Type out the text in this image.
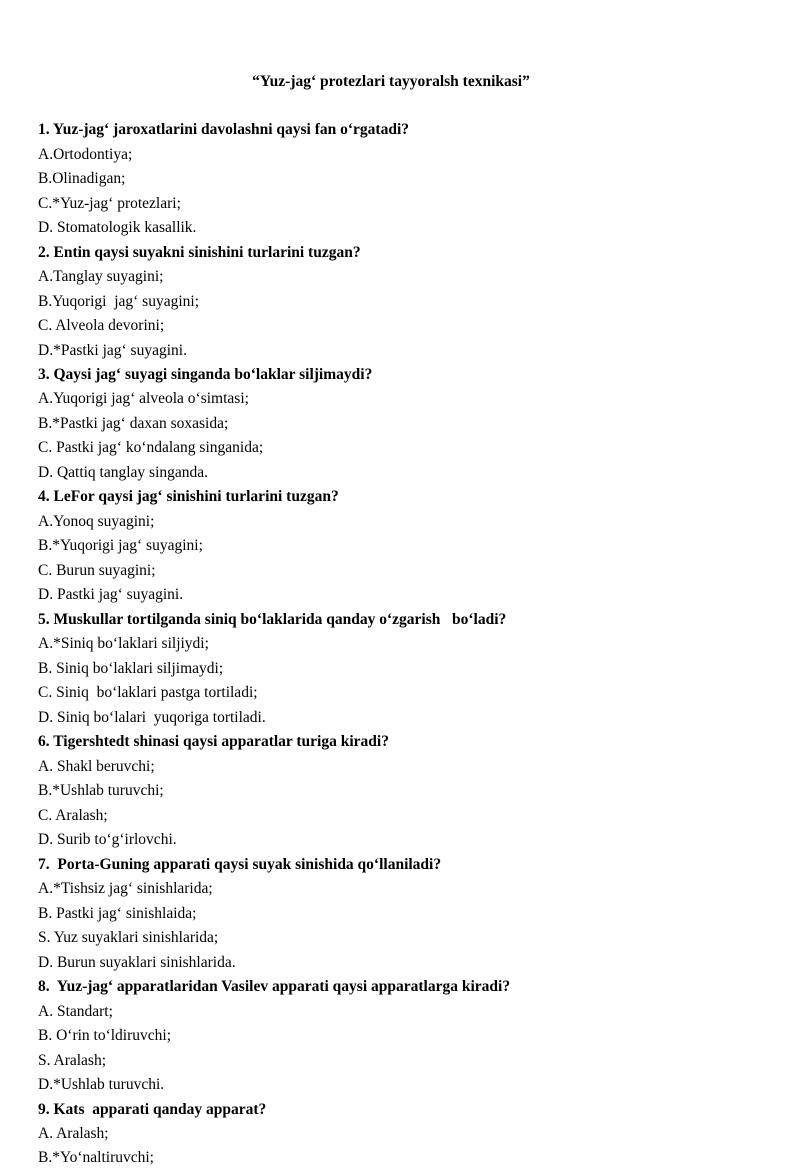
“Yuz-jag‘ protezlari tayyoralsh texnikasi”

1. Yuz-jag‘ jaroxatlarini davolashni qaysi fan o‘rgatadi?

A.Ortodontiya;

B.Olinadigan;

C.*Yuz-jag‘ protezlari;

D. Stomatologik kasallik.

2. Entin qaysi suyakni sinishini turlarini tuzgan?

A.Tanglay suyagini;

B.Yuqorigi  jag‘ suyagini;

C. Alveola devorini;

D.*Pastki jag‘ suyagini.

3. Qaysi jag‘ suyagi singanda bo‘laklar siljimaydi?

A.Yuqorigi jag‘ alveola o‘simtasi;

B.*Pastki jag‘ daxan soxasida;

C. Pastki jag‘ ko‘ndalang singanida;

D. Qattiq tanglay singanda.

4. LeFor qaysi jag‘ sinishini turlarini tuzgan?

A.Yonoq suyagini;

B.*Yuqorigi jag‘ suyagini;

C. Burun suyagini;

D. Pastki jag‘ suyagini.

5. Muskullar tortilganda siniq bo‘laklarida qanday o‘zgarish   bo‘ladi?

A.*Siniq bo‘laklari siljiydi;

B. Siniq bo‘laklari siljimaydi;

C. Siniq  bo‘laklari pastga tortiladi;

D. Siniq bo‘lalari  yuqoriga tortiladi.

6. Tigershtedt shinasi qaysi apparatlar turiga kiradi?

A. Shakl beruvchi;

B.*Ushlab turuvchi;

C. Aralash;

D. Surib to‘g‘irlovchi.

7.  Porta-Guning apparati qaysi suyak sinishida qo‘llaniladi?

A.*Tishsiz jag‘ sinishlarida;

B. Pastki jag‘ sinishlaida;

S. Yuz suyaklari sinishlarida;

D. Burun suyaklari sinishlarida.

8.  Yuz-jag‘ apparatlaridan Vasilev apparati qaysi apparatlarga kiradi?

A. Standart;

B. O‘rin to‘ldiruvchi;

S. Aralash;

D.*Ushlab turuvchi.

9. Kats  apparati qanday apparat?

A. Aralash;

B.*Yo‘naltiruvchi;
